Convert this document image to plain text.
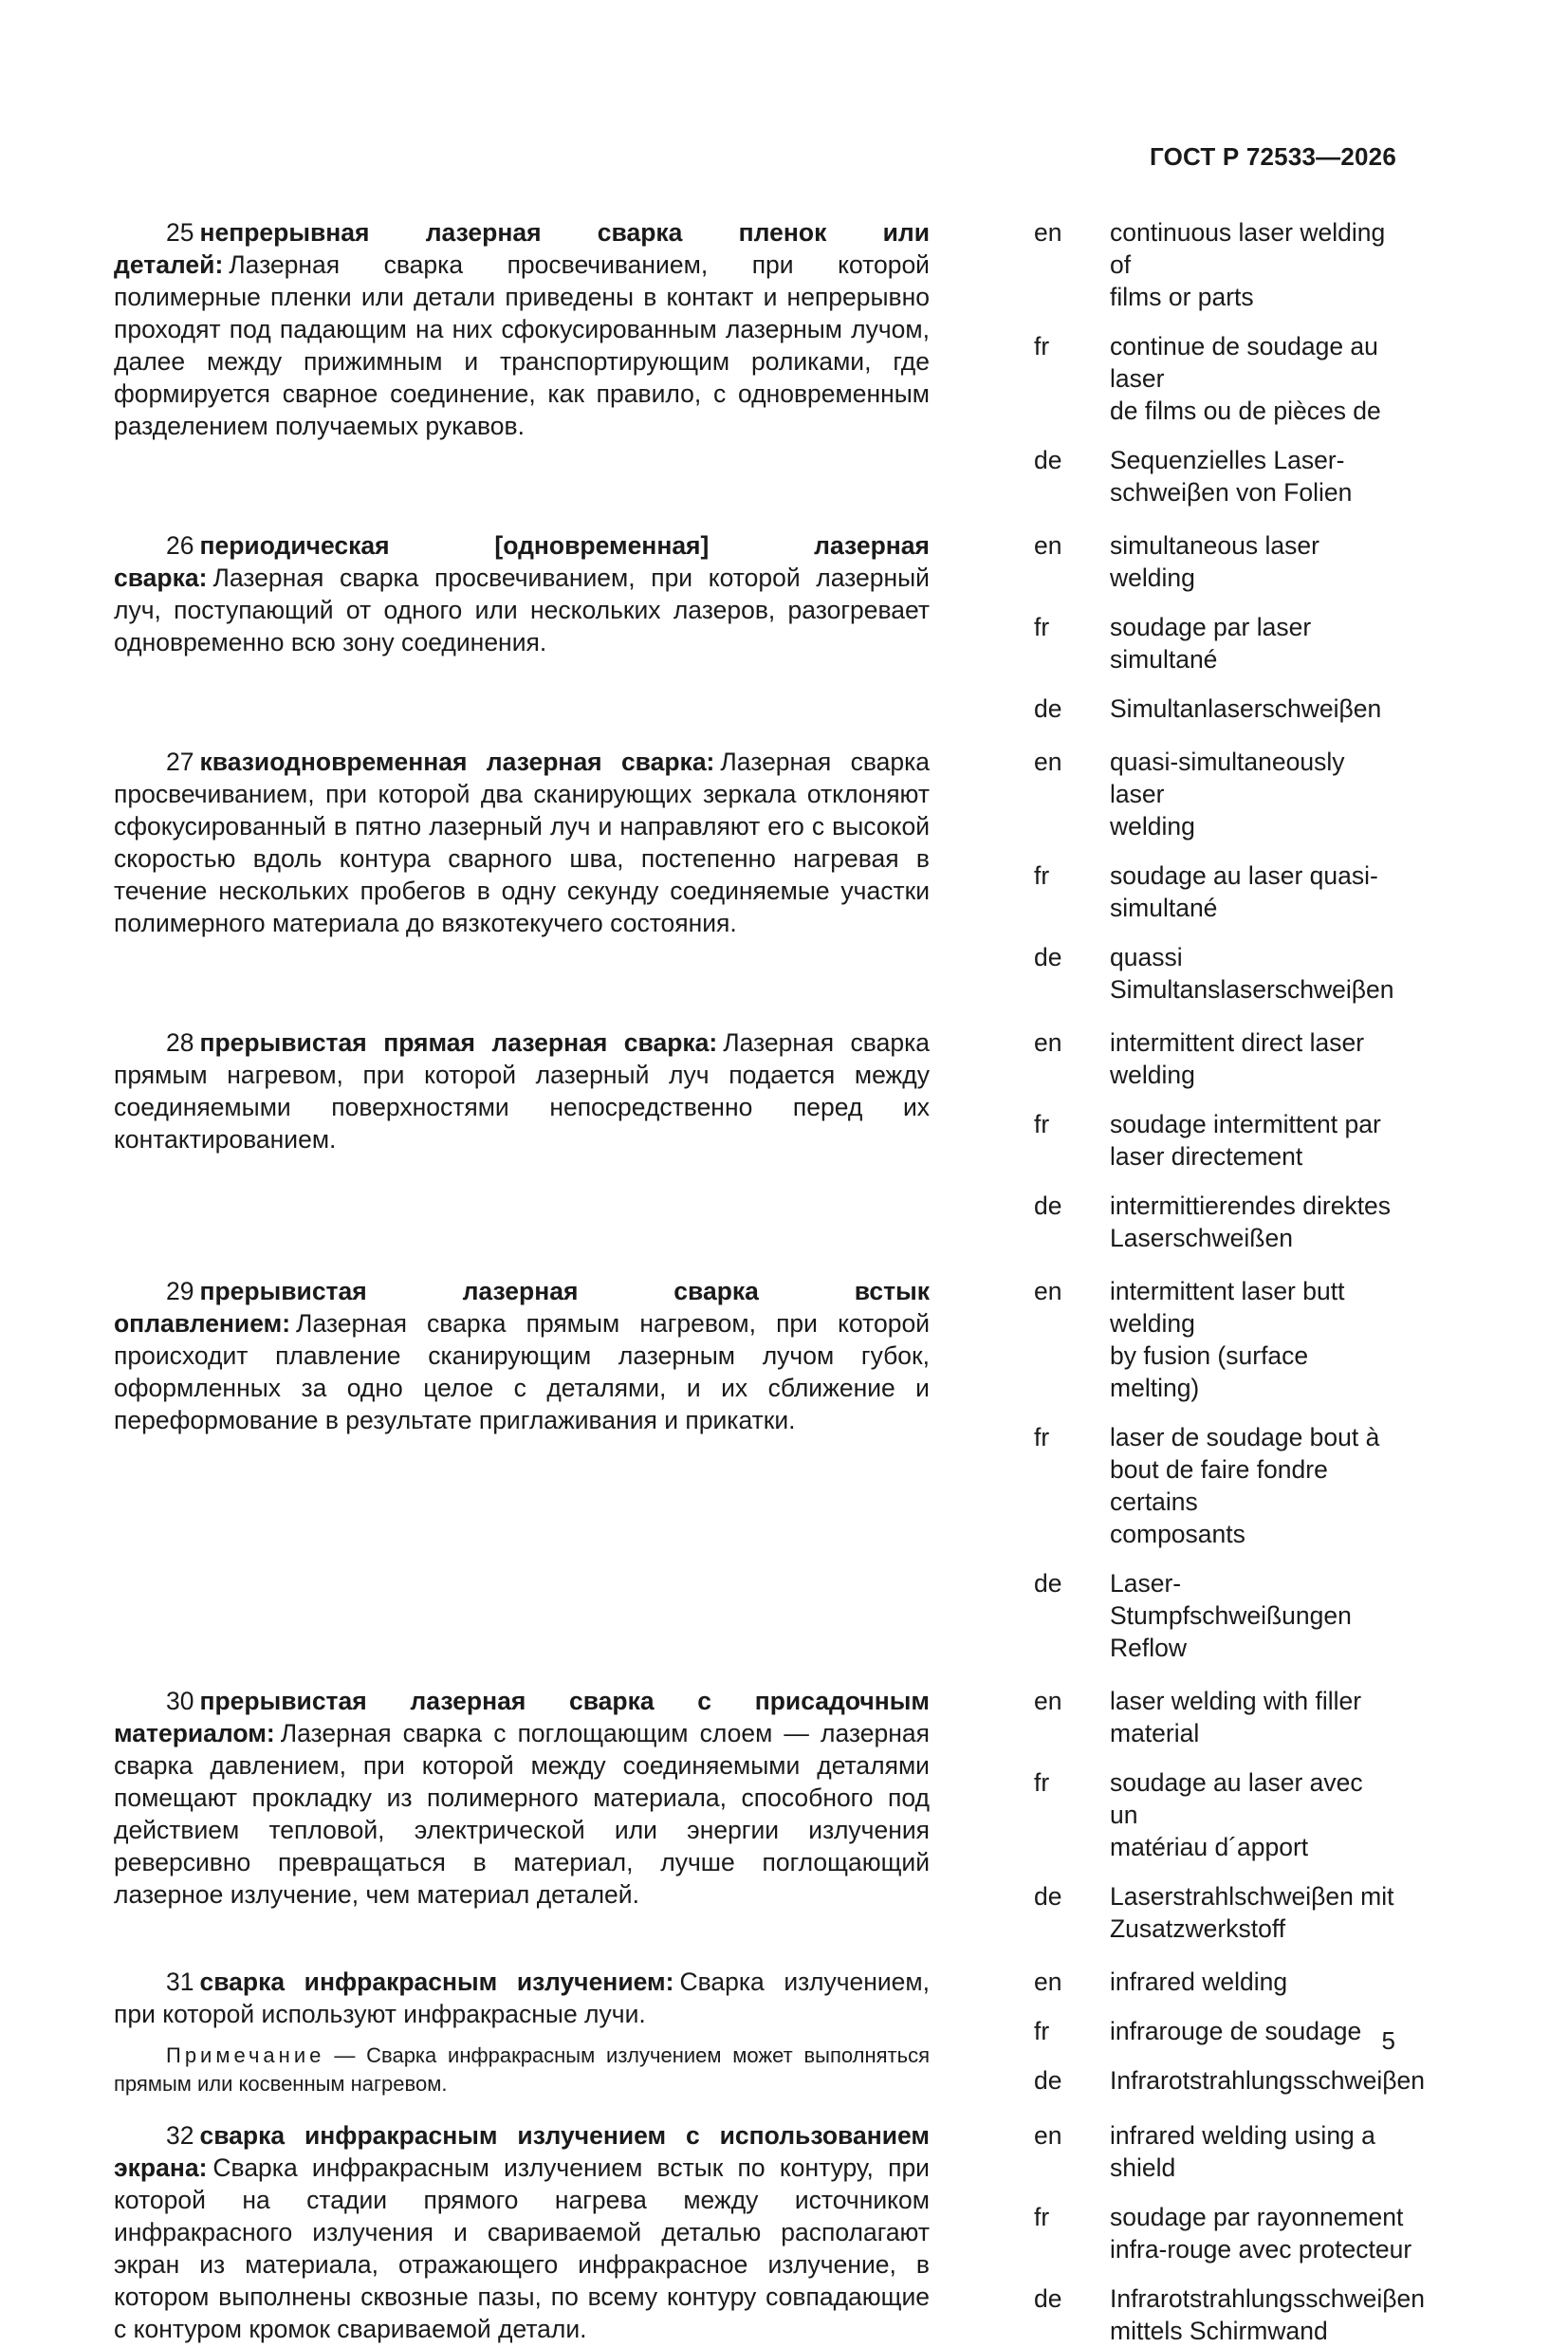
ГОСТ Р 72533—2026
25 непрерывная лазерная сварка пленок или деталей: Лазерная сварка просвечиванием, при которой полимерные пленки или детали приведены в контакт и непрерывно проходят под падающим на них сфокусированным лазерным лучом, далее между прижимным и транспортирующим роликами, где формируется сварное соединение, как правило, с одновременным разделением получаемых рукавов.
en	continuous laser welding of
films or parts
fr	continue de soudage au laser
de films ou de pièces de
de	Sequenzielles Laser-
schweiβen von Folien
26 периодическая [одновременная] лазерная сварка: Лазерная сварка просвечиванием, при которой лазерный луч, поступающий от одного или нескольких лазеров, разогревает одновременно всю зону соединения.
en	simultaneous laser welding
fr	soudage par laser simultané
de	Simultanlaserschweiβen
27 квазиодновременная лазерная сварка: Лазерная сварка просвечиванием, при которой два сканирующих зеркала отклоняют сфокусированный в пятно лазерный луч и направляют его с высокой скоростью вдоль контура сварного шва, постепенно нагревая в течение нескольких пробегов в одну секунду соединяемые участки полимерного материала до вязкотекучего состояния.
en	quasi-simultaneously laser
welding
fr	soudage au laser quasi-
simultané
de	quassi
Simultanslaserschweiβen
28 прерывистая прямая лазерная сварка: Лазерная сварка прямым нагревом, при которой лазерный луч подается между соединяемыми поверхностями непосредственно перед их контактированием.
en	intermittent direct laser
welding
fr	soudage intermittent par
laser directement
de	intermittierendes direktes
Laserschweißen
29 прерывистая лазерная сварка встык оплавлением: Лазерная сварка прямым нагревом, при которой происходит плавление сканирующим лазерным лучом губок, оформленных за одно целое с деталями, и их сближение и переформование в результате приглаживания и прикатки.
en	intermittent laser butt welding
by fusion (surface melting)
fr	laser de soudage bout à
bout de faire fondre certains
composants
de	Laser-Stumpfschweißungen
Reflow
30 прерывистая лазерная сварка с присадочным материалом: Лазерная сварка с поглощающим слоем — лазерная сварка давлением, при которой между соединяемыми деталями помещают прокладку из полимерного материала, способного под действием тепловой, электрической или энергии излучения реверсивно превращаться в материал, лучше поглощающий лазерное излучение, чем материал деталей.
en	laser welding with filler
material
fr	soudage au laser avec un
matériau d´apport
de	Laserstrahlschweiβen mit
Zusatzwerkstoff
31 сварка инфракрасным излучением: Сварка излучением, при которой используют инфракрасные лучи.
Примечание — Сварка инфракрасным излучением может выполняться прямым или косвенным нагревом.
en	infrared welding
fr	infrarouge de soudage
de	Infrarotstrahlungsschweiβen
32 сварка инфракрасным излучением с использованием экрана: Сварка инфракрасным излучением встык по контуру, при которой на стадии прямого нагрева между источником инфракрасного излучения и свариваемой деталью располагают экран из материала, отражающего инфракрасное излучение, в котором выполнены сквозные пазы, по всему контуру совпадающие с контуром кромок свариваемой детали.
en	infrared welding using a
shield
fr	soudage par rayonnement
infra-rouge avec protecteur
de	Infrarotstrahlungsschweiβen
mittels Schirmwand
5
